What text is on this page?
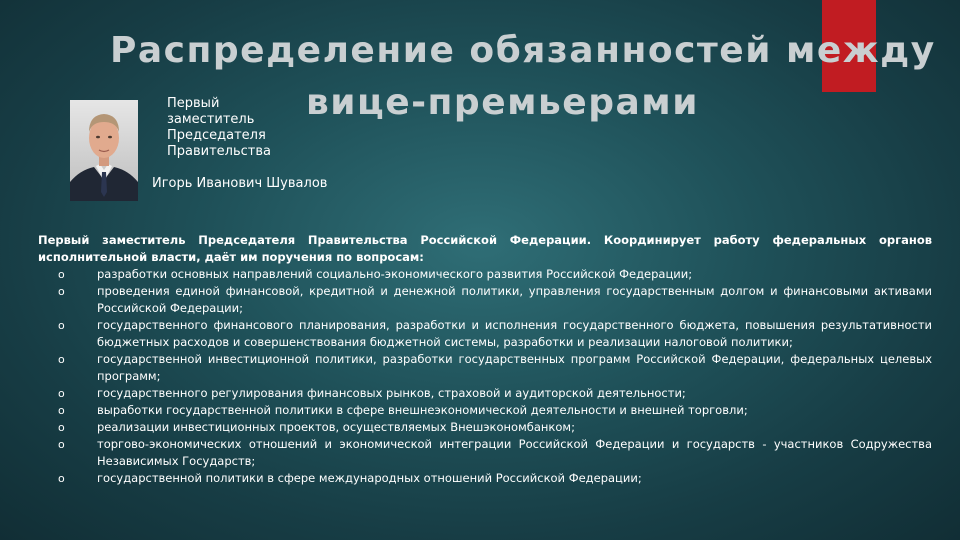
Распределение обязанностей между
вице-премьерами
Первый
заместитель
Председателя
Правительства
Игорь Иванович Шувалов

Первый заместитель Председателя Правительства Российской Федерации. Координирует работу федеральных органов исполнительной власти, даёт им поручения по вопросам:

o	разработки основных направлений социально-экономического развития Российской Федерации;
o	проведения единой финансовой, кредитной и денежной политики, управления государственным долгом и финансовыми активами Российской Федерации;
o	государственного финансового планирования, разработки и исполнения государственного бюджета, повышения результативности бюджетных расходов и совершенствования бюджетной системы, разработки и реализации налоговой политики;
o	государственной инвестиционной политики, разработки государственных программ Российской Федерации, федеральных целевых программ;
o	государственного регулирования финансовых рынков, страховой и аудиторской деятельности;
o	выработки государственной политики в сфере внешнеэкономической деятельности и внешней торговли;
o	реализации инвестиционных проектов, осуществляемых Внешэкономбанком;
o	торгово-экономических отношений и экономической интеграции Российской Федерации и государств - участников Содружества Независимых Государств;
o	государственной политики в сфере международных отношений Российской Федерации;
